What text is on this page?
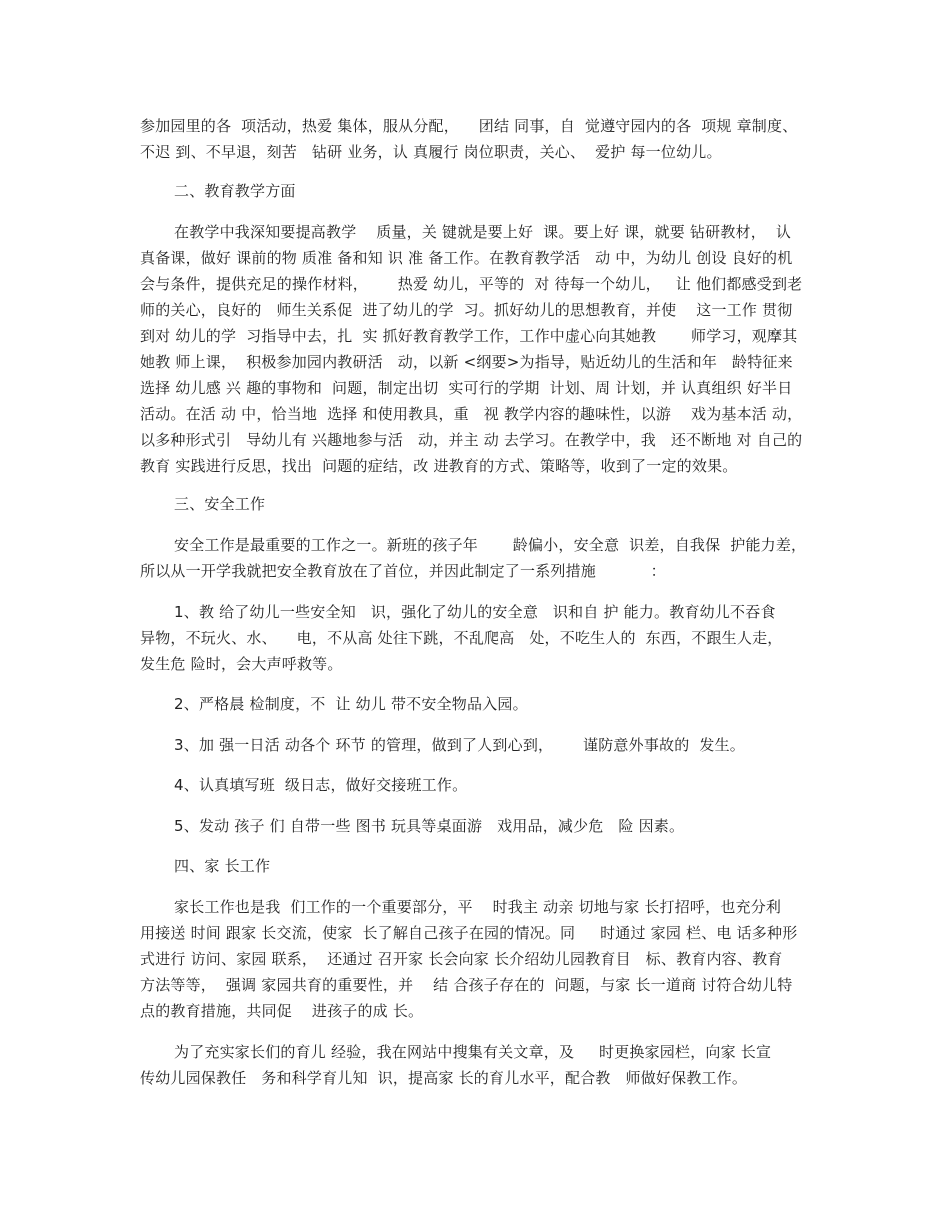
参加园里的各  项活动，热爱 集体，服从分配，    团结 同事，自  觉遵守园内的各  项规 章制度、
不迟 到、不早退，刻苦   钻研 业务，认 真履行 岗位职责，关心、  爱护 每一位幼儿。
二、教育教学方面
在教学中我深知要提高教学    质量，关 键就是要上好  课。要上好 课，就要 钻研教材，  认
真备课，做好 课前的物 质准 备和知 识 准 备工作。在教育教学活   动 中，为幼儿 创设 良好的机
会与条件，提供充足的操作材料，      热爱 幼儿，平等的  对 待每一个幼儿，   让 他们都感受到老
师的关心，良好的   师生关系促  进了幼儿的学  习。抓好幼儿的思想教育，并使    这一工作 贯彻
到对 幼儿的学  习指导中去，扎  实 抓好教育教学工作，工作中虚心向其她教       师学习，观摩其
她教 师上课，  积极参加园内教研活   动，以新 <纲要>为指导，贴近幼儿的生活和年   龄特征来
选择 幼儿感 兴 趣的事物和  问题，制定出切  实可行的学期  计划、周 计划，并 认真组织 好半日
活动。在活 动 中，恰当地  选择 和使用教具，重   视 教学内容的趣味性，以游    戏为基本活 动，
以多种形式引   导幼儿有 兴趣地参与活   动，并主 动 去学习。在教学中，我   还不断地 对 自己的
教育 实践进行反思，找出  问题的症结，改 进教育的方式、策略等，收到了一定的效果。
三、安全工作
安全工作是最重要的工作之一。新班的孩子年       龄偏小，安全意  识差，自我保  护能力差，
所以从一开学我就把安全教育放在了首位，并因此制定了一系列措施           ：
1、教 给了幼儿一些安全知   识，强化了幼儿的安全意   识和自 护 能力。教育幼儿不吞食
异物，不玩火、水、    电，不从高 处往下跳，不乱爬高   处，不吃生人的  东西，不跟生人走，
发生危 险时，会大声呼救等。
2、严格晨 检制度，不  让 幼儿 带不安全物品入园。
3、加 强一日活 动各个 环节 的管理，做到了人到心到，      谨防意外事故的  发生。
4、认真填写班  级日志，做好交接班工作。
5、发动 孩子 们 自带一些 图书 玩具等桌面游   戏用品，减少危   险 因素。
四、家 长工作
家长工作也是我  们工作的一个重要部分，平    时我主 动亲 切地与家 长打招呼，也充分利
用接送 时间 跟家 长交流，使家  长了解自己孩子在园的情况。同     时通过 家园 栏、电 话多种形
式进行 访问、家园 联系，  还通过 召开家 长会向家 长介绍幼儿园教育目   标、教育内容、教育
方法等等，  强调 家园共育的重要性，并    结 合孩子存在的  问题，与家 长一道商 讨符合幼儿特
点的教育措施，共同促    进孩子的成 长。
为了充实家长们的育儿 经验，我在网站中搜集有关文章，及     时更换家园栏，向家 长宣
传幼儿园保教任   务和科学育儿知  识，提高家 长的育儿水平，配合教   师做好保教工作。
